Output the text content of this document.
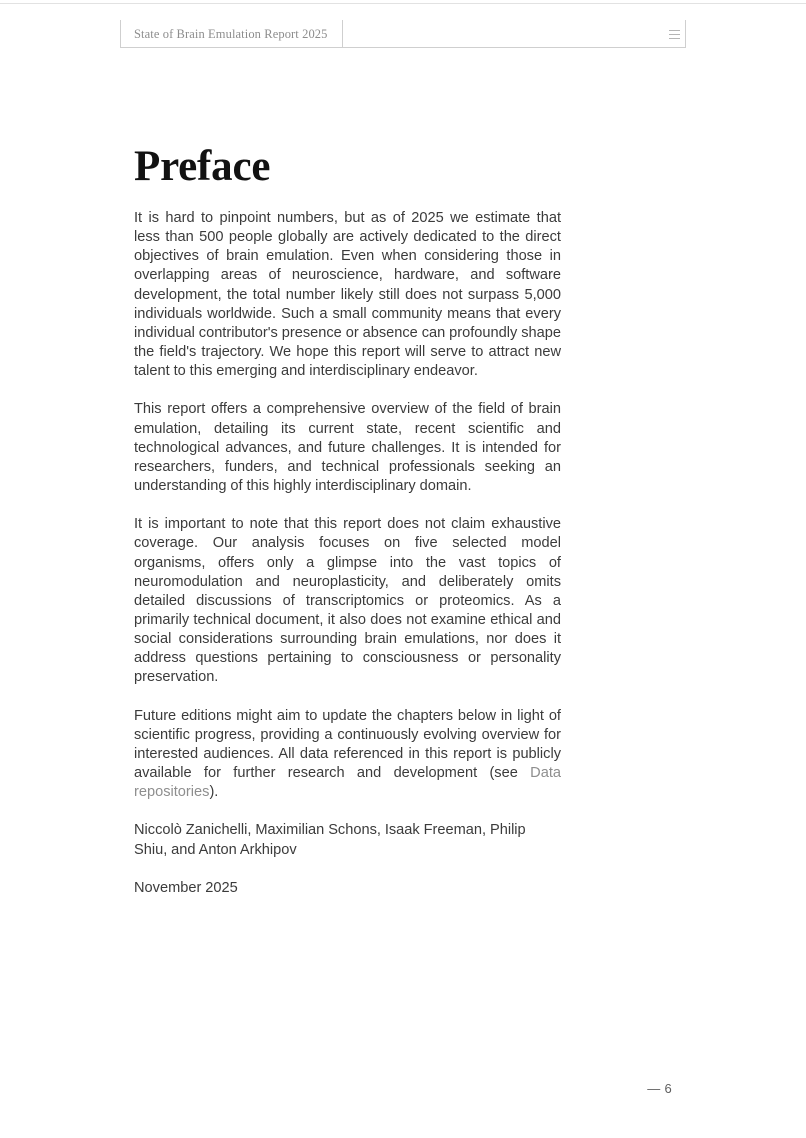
State of Brain Emulation Report 2025
Preface

It is hard to pinpoint numbers, but as of 2025 we estimate that less than 500 people globally are actively dedicated to the direct objectives of brain emulation. Even when considering those in overlapping areas of neuroscience, hardware, and software development, the total number likely still does not surpass 5,000 individuals worldwide. Such a small community means that every individual contributor's presence or absence can profoundly shape the field's trajectory. We hope this report will serve to attract new talent to this emerging and interdisciplinary endeavor.

This report offers a comprehensive overview of the field of brain emulation, detailing its current state, recent scientific and technological advances, and future challenges. It is intended for researchers, funders, and technical professionals seeking an understanding of this highly interdisciplinary domain.

It is important to note that this report does not claim exhaustive coverage. Our analysis focuses on five selected model organisms, offers only a glimpse into the vast topics of neuromodulation and neuroplasticity, and deliberately omits detailed discussions of transcriptomics or proteomics. As a primarily technical document, it also does not examine ethical and social considerations surrounding brain emulations, nor does it address questions pertaining to consciousness or personality preservation.

Future editions might aim to update the chapters below in light of scientific progress, providing a continuously evolving overview for interested audiences. All data referenced in this report is publicly available for further research and development (see Data repositories).

Niccolò Zanichelli, Maximilian Schons, Isaak Freeman, Philip Shiu, and Anton Arkhipov

November 2025

— 6
